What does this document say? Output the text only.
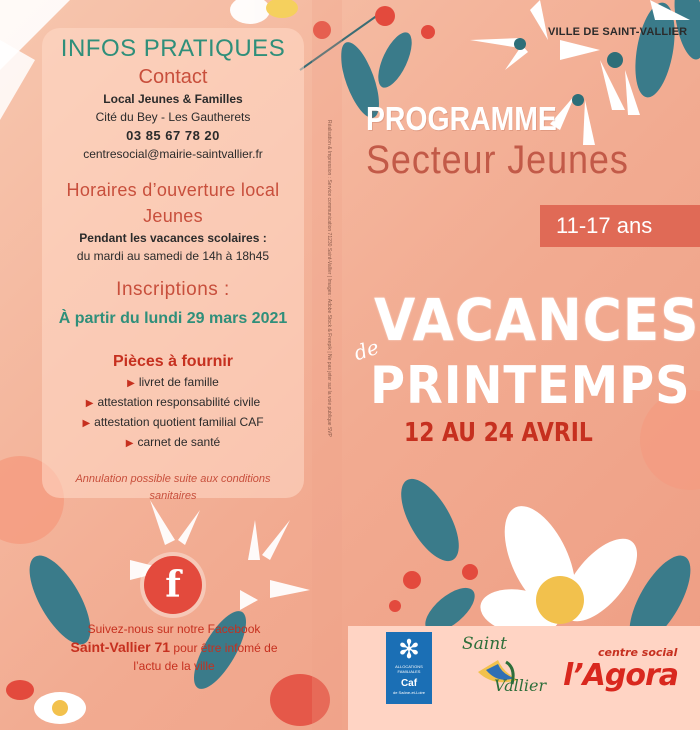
INFOS PRATIQUES
Contact
Local Jeunes & Familles
Cité du Bey - Les Gautherets
03 85 67 78 20
centresocial@mairie-saintvallier.fr
Horaires d’ouverture local
Jeunes
Pendant les vacances scolaires :
du mardi au samedi de 14h à 18h45
Inscriptions :
À partir du lundi 29 mars 2021
Pièces à fournir
▶ livret de famille
▶ attestation responsabilité civile
▶ attestation quotient familial CAF
▶ carnet de santé
Annulation possible suite aux conditions sanitaires
f
Suivez-nous sur notre Facebook
Saint-Vallier 71 pour être infomé de
l’actu de la ville
Réalisation & Impression : Service communication 71230 Saint-Vallier | Images : Adobe Stock & Freepik | Ne pas jeter sur la voie publique SVP
VILLE DE SAINT-VALLIER
PROGRAMME
Secteur Jeunes
11-17 ans
VACANCES
de
PRINTEMPS
12 AU 24 AVRIL
✻
ALLOCATIONS FAMILIALES
Caf
de Saône-et-Loire
Saint
Vallier
centre social
l’Agora
